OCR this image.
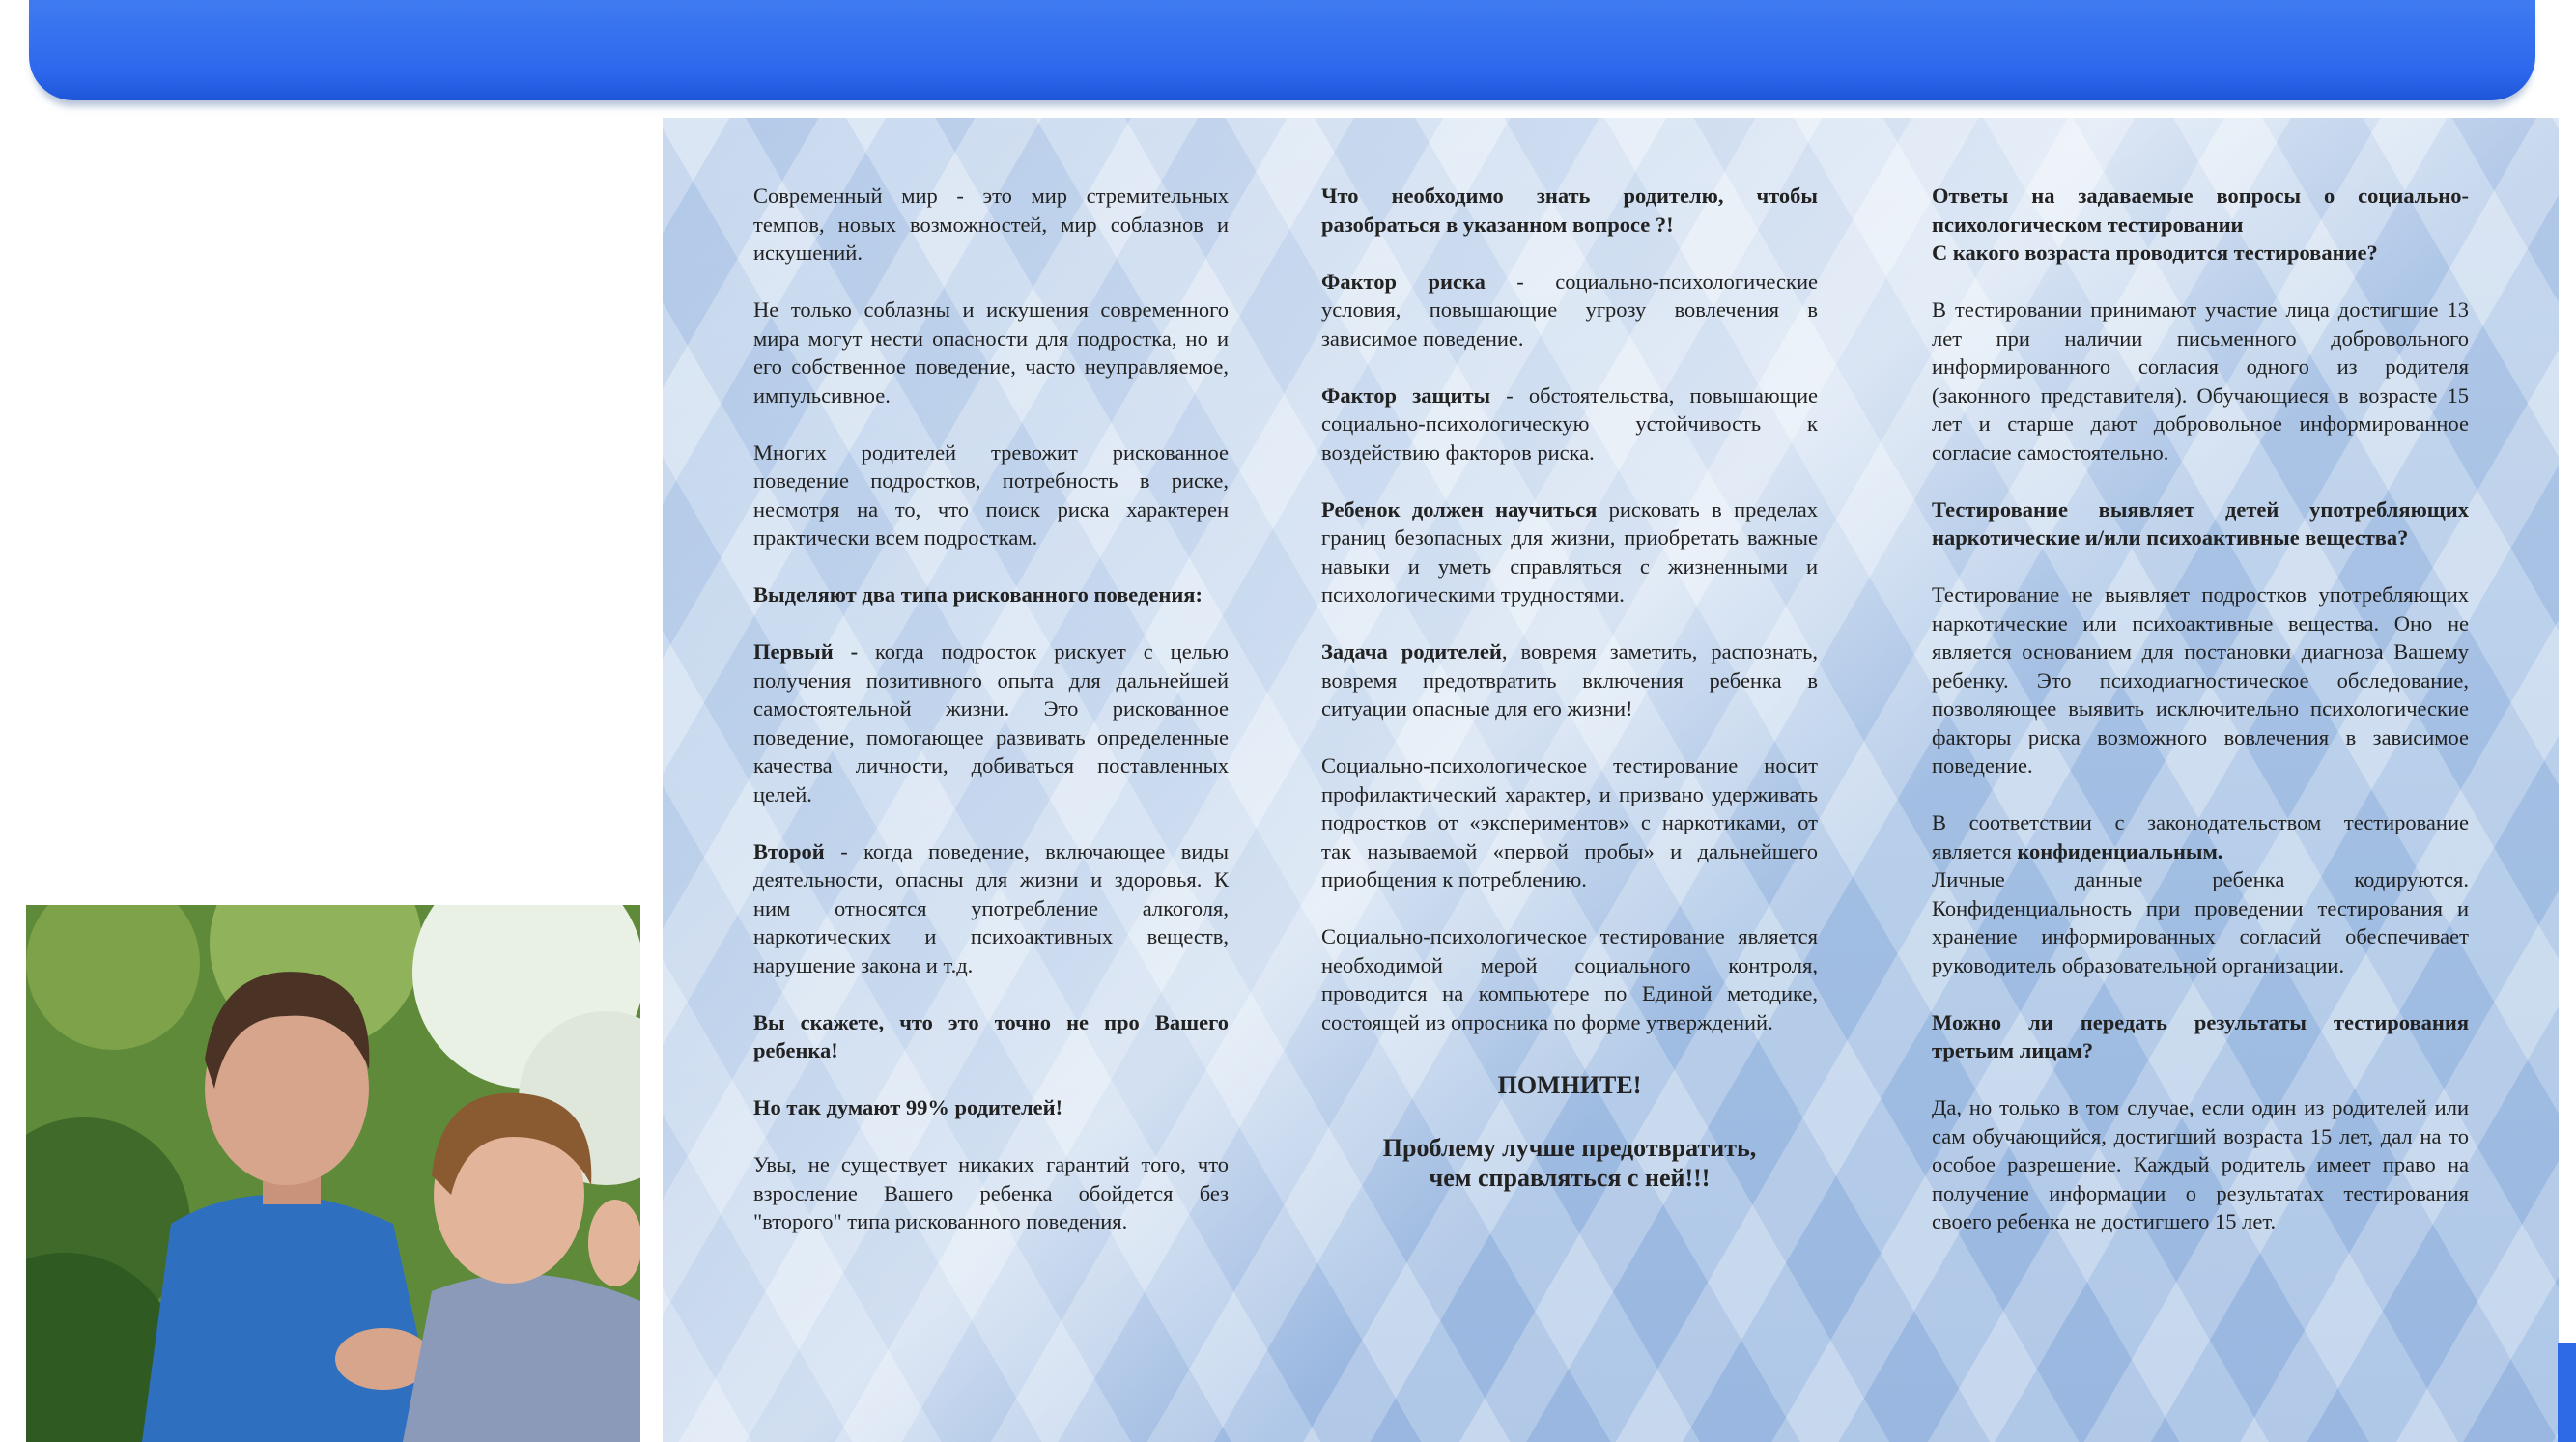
Современный мир - это мир стремительных темпов, новых возможностей, мир соблазнов и искушений.

Не только соблазны и искушения современного мира могут нести опасности для подростка, но и его собственное поведение, часто неуправляемое, импульсивное.

Многих родителей тревожит рискованное поведение подростков, потребность в риске, несмотря на то, что поиск риска характерен практически всем подросткам.

Выделяют два типа рискованного поведения:

Первый - когда подросток рискует с целью получения позитивного опыта для дальнейшей самостоятельной жизни. Это рискованное поведение, помогающее развивать определенные качества личности, добиваться поставленных целей.

Второй - когда поведение, включающее виды деятельности, опасны для жизни и здоровья. К ним относятся употребление алкоголя, наркотических и психоактивных веществ, нарушение закона и т.д.

Вы скажете, что это точно не про Вашего ребенка!

Но так думают 99% родителей!

Увы, не существует никаких гарантий того, что взросление Вашего ребенка обойдется без "второго" типа рискованного поведения.

Что необходимо знать родителю, чтобы разобраться в указанном вопросе ?!

Фактор риска - социально-психологические условия, повышающие угрозу вовлечения в зависимое поведение.

Фактор защиты - обстоятельства, повышающие социально-психологическую устойчивость к воздействию факторов риска.

Ребенок должен научиться рисковать в пределах границ безопасных для жизни, приобретать важные навыки и уметь справляться с жизненными и психологическими трудностями.

Задача родителей, вовремя заметить, распознать, вовремя предотвратить включения ребенка в ситуации опасные для его жизни!

Социально-психологическое тестирование носит профилактический характер, и призвано удерживать подростков от «экспериментов» с наркотиками, от так называемой «первой пробы» и дальнейшего приобщения к потреблению.

Социально-психологическое тестирование является необходимой мерой социального контроля, проводится на компьютере по Единой методике, состоящей из опросника по форме утверждений.

ПОМНИТЕ!

Проблему лучше предотвратить,
чем справляться с ней!!!

Ответы на задаваемые вопросы о социально-психологическом тестировании
С какого возраста проводится тестирование?

В тестировании принимают участие лица достигшие 13 лет при наличии письменного добровольного информированного согласия одного из родителя (законного представителя). Обучающиеся в возрасте 15 лет и старше дают добровольное информированное согласие самостоятельно.

Тестирование выявляет детей употребляющих наркотические и/или психоактивные вещества?

Тестирование не выявляет подростков употребляющих наркотические или психоактивные вещества. Оно не является основанием для постановки диагноза Вашему ребенку. Это психодиагностическое обследование, позволяющее выявить исключительно психологические факторы риска возможного вовлечения в зависимое поведение.

В соответствии с законодательством тестирование является конфиденциальным.
Личные данные ребенка кодируются. Конфиденциальность при проведении тестирования и хранение информированных согласий обеспечивает руководитель образовательной организации.

Можно ли передать результаты тестирования третьим лицам?

Да, но только в том случае, если один из родителей или сам обучающийся, достигший возраста 15 лет, дал на то особое разрешение. Каждый родитель имеет право на получение информации о результатах тестирования своего ребенка не достигшего 15 лет.
